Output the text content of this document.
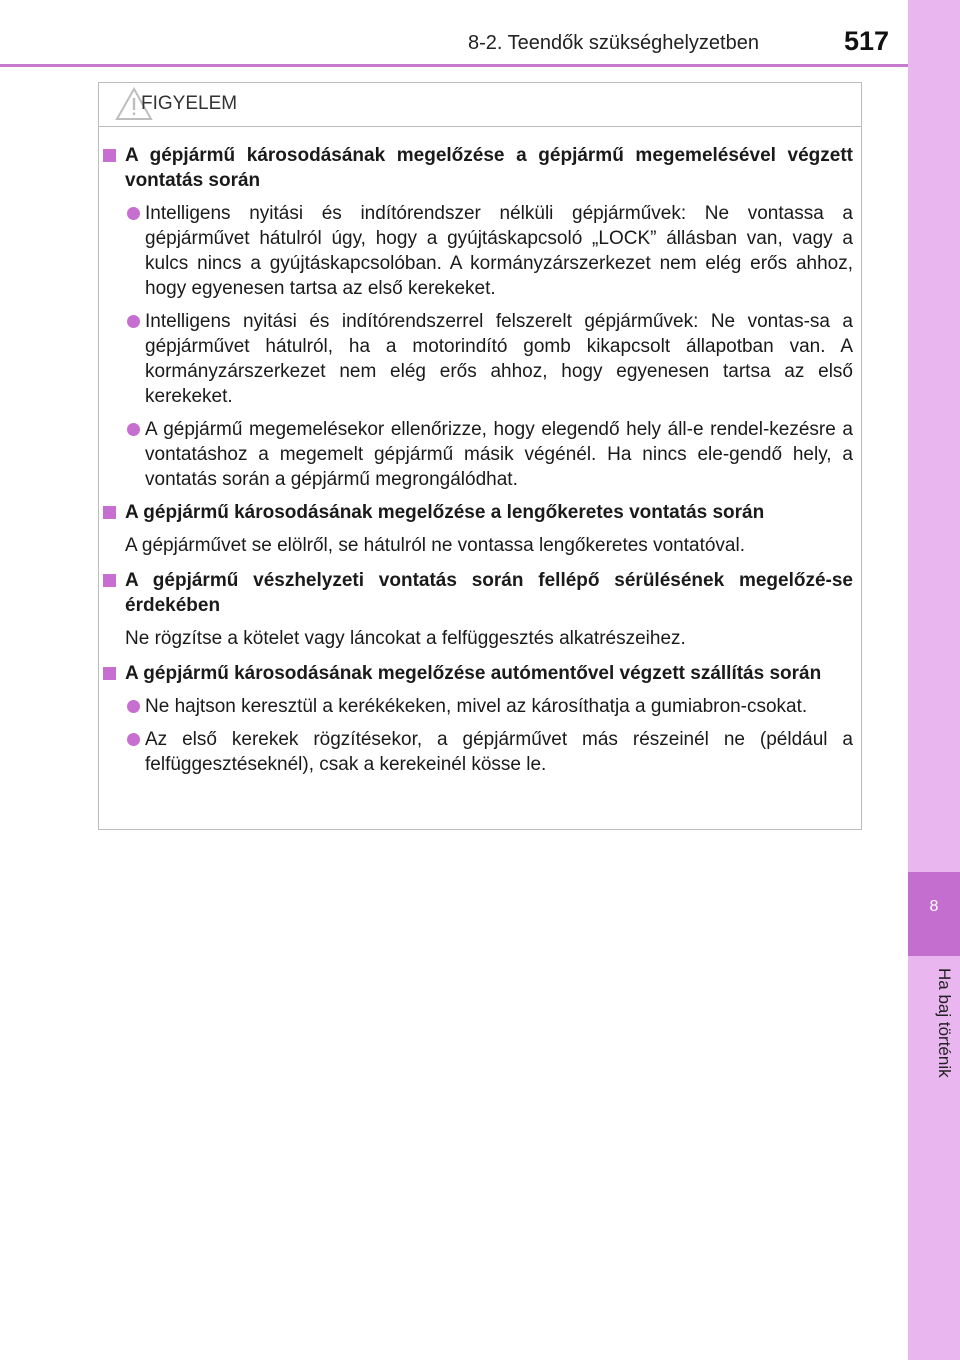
8
Ha baj történik
8-2. Teendők szükséghelyzetben	517
FIGYELEM
A gépjármű károsodásának megelőzése a gépjármű megemelésével végzett vontatás során
Intelligens nyitási és indítórendszer nélküli gépjárművek: Ne vontassa a gépjárművet hátulról úgy, hogy a gyújtáskapcsoló „LOCK” állásban van, vagy a kulcs nincs a gyújtáskapcsolóban. A kormányzárszerkezet nem elég erős ahhoz, hogy egyenesen tartsa az első kerekeket.
Intelligens nyitási és indítórendszerrel felszerelt gépjárművek: Ne vontas-sa a gépjárművet hátulról, ha a motorindító gomb kikapcsolt állapotban van. A kormányzárszerkezet nem elég erős ahhoz, hogy egyenesen tartsa az első kerekeket.
A gépjármű megemelésekor ellenőrizze, hogy elegendő hely áll-e rendel-kezésre a vontatáshoz a megemelt gépjármű másik végénél. Ha nincs ele-gendő hely, a vontatás során a gépjármű megrongálódhat.
A gépjármű károsodásának megelőzése a lengőkeretes vontatás során
A gépjárművet se elölről, se hátulról ne vontassa lengőkeretes vontatóval.
A gépjármű vészhelyzeti vontatás során fellépő sérülésének megelőzé-se érdekében
Ne rögzítse a kötelet vagy láncokat a felfüggesztés alkatrészeihez.
A gépjármű károsodásának megelőzése autómentővel végzett szállítás során
Ne hajtson keresztül a kerékékeken, mivel az károsíthatja a gumiabron-csokat.
Az első kerekek rögzítésekor, a gépjárművet más részeinél ne (például a felfüggesztéseknél), csak a kerekeinél kösse le.
